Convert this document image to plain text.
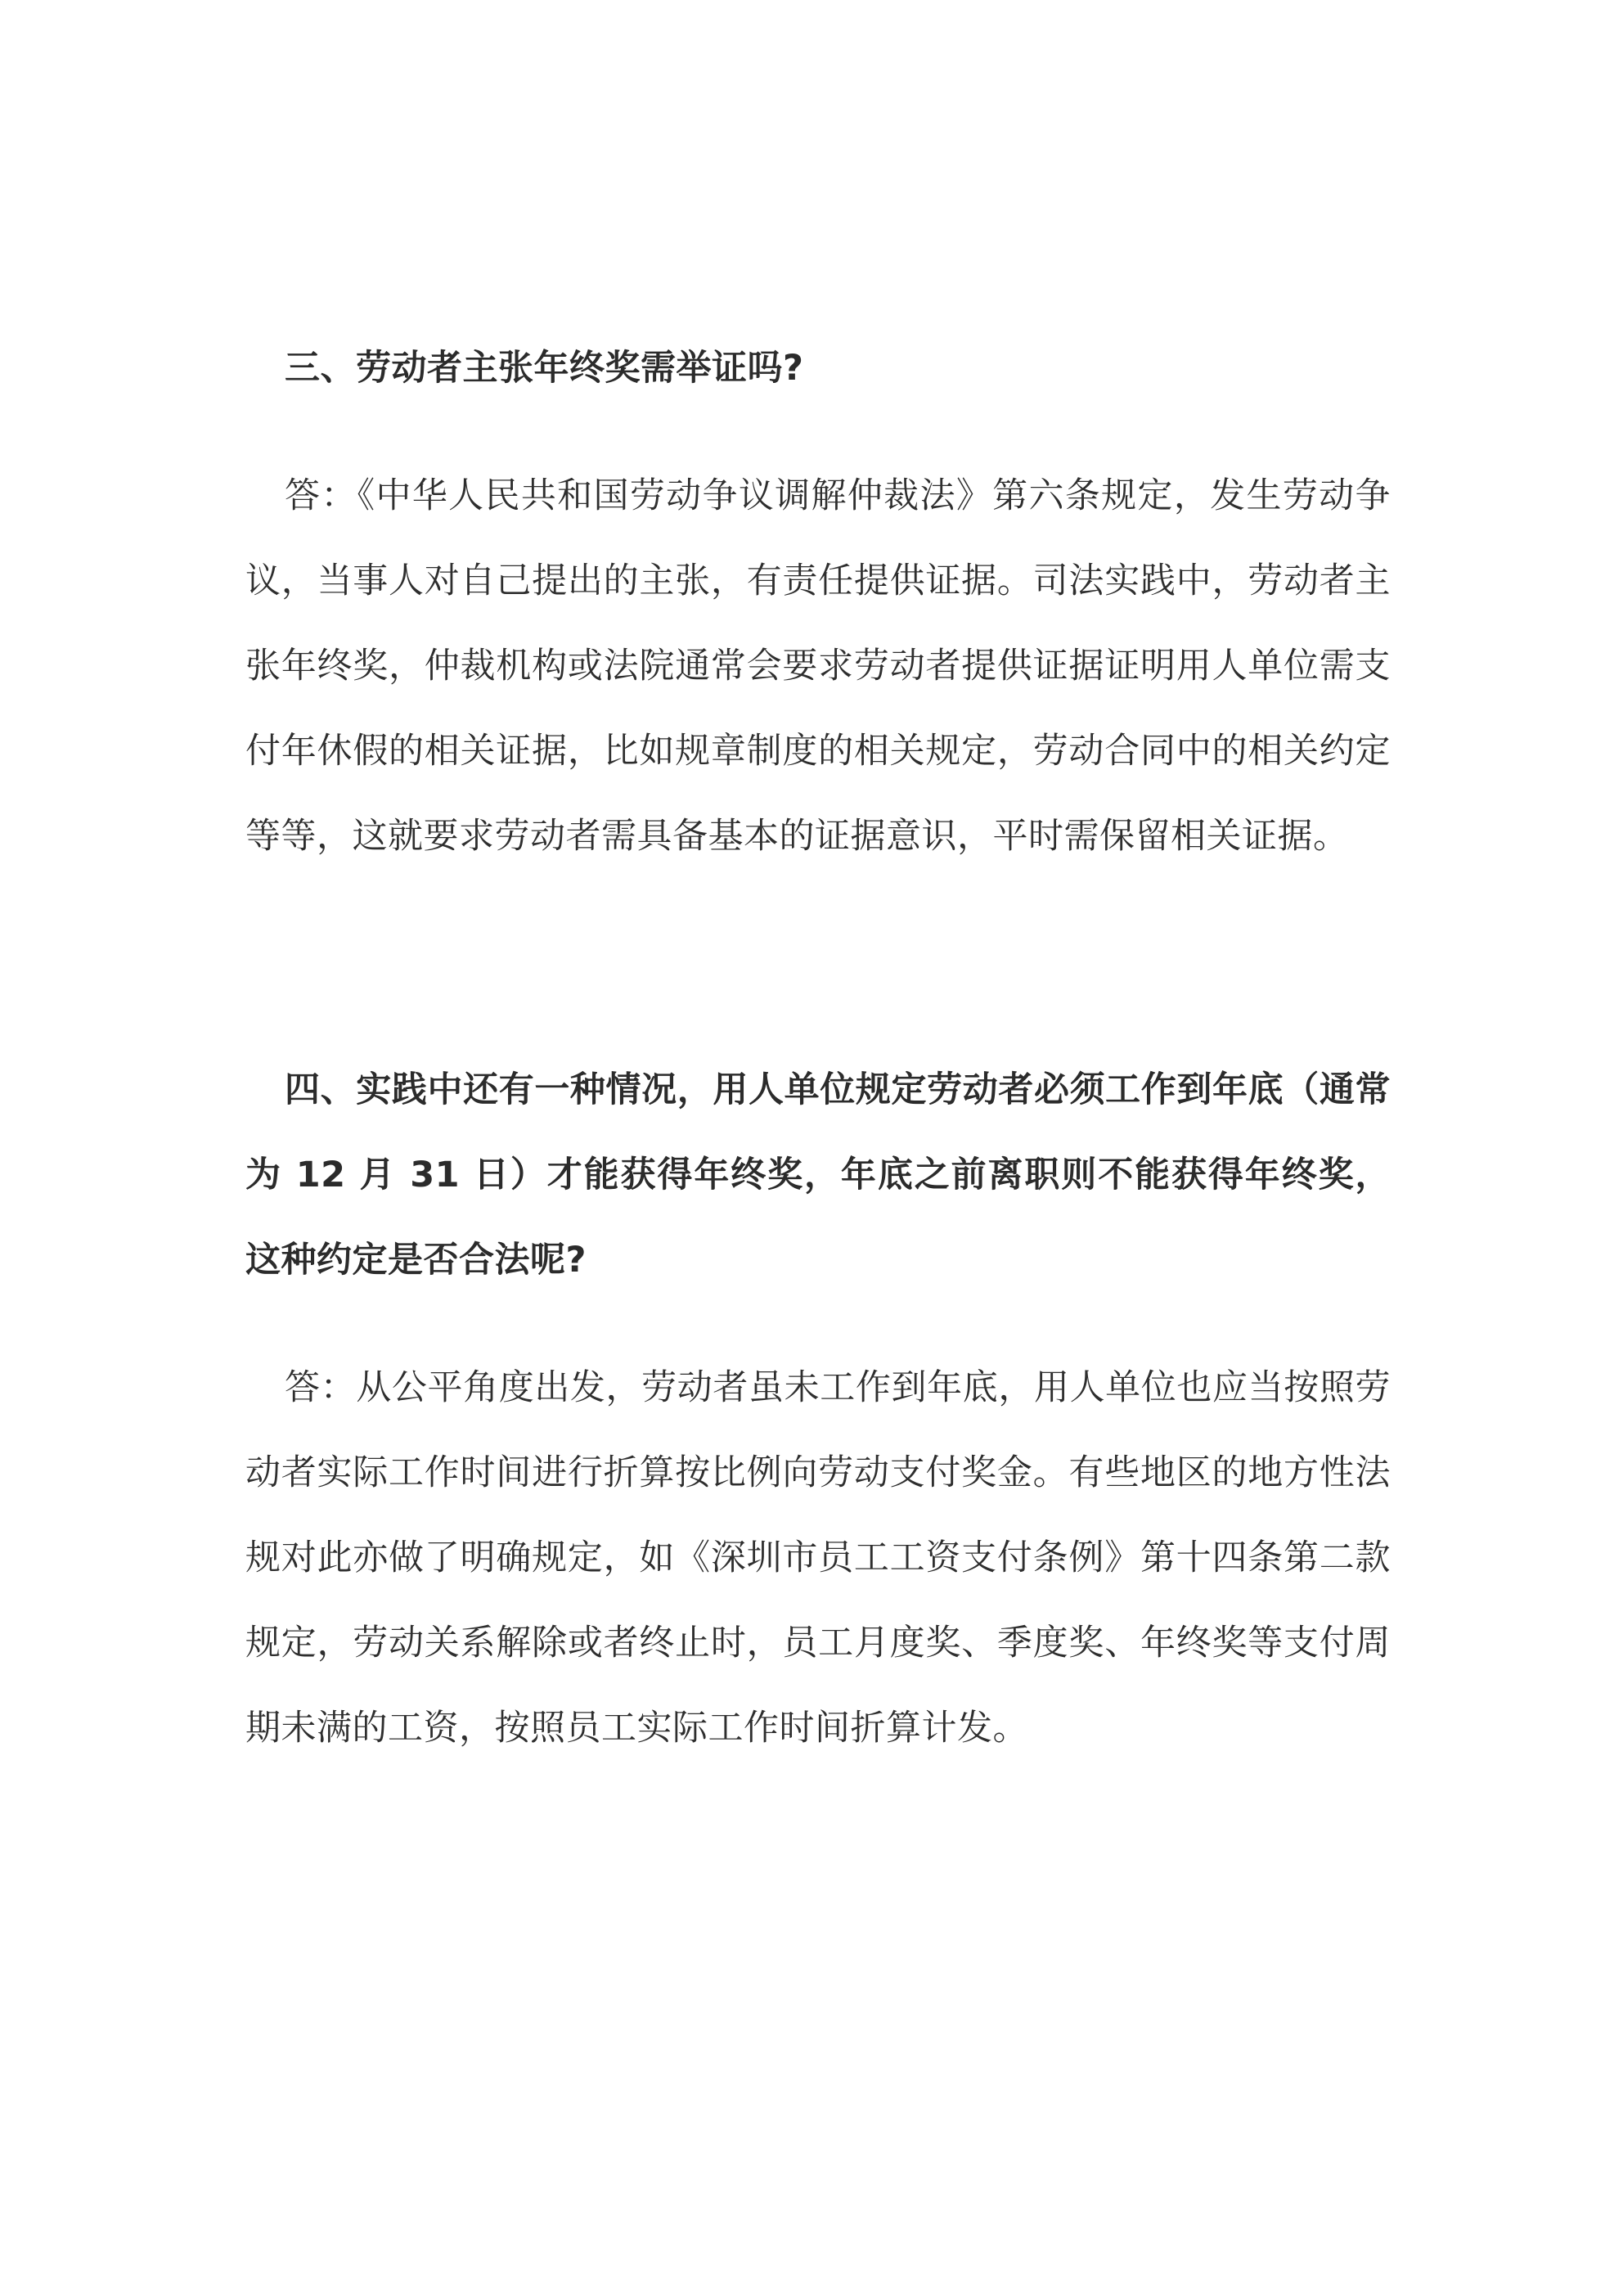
三、劳动者主张年终奖需举证吗?

答：《中华人民共和国劳动争议调解仲裁法》第六条规定，发生劳动争议，当事人对自己提出的主张，有责任提供证据。司法实践中，劳动者主张年终奖，仲裁机构或法院通常会要求劳动者提供证据证明用人单位需支付年休假的相关证据，比如规章制度的相关规定，劳动合同中的相关约定等等，这就要求劳动者需具备基本的证据意识，平时需保留相关证据。

四、实践中还有一种情况，用人单位规定劳动者必须工作到年底（通常为 12 月 31 日）才能获得年终奖，年底之前离职则不能获得年终奖，这种约定是否合法呢?

答：从公平角度出发，劳动者虽未工作到年底，用人单位也应当按照劳动者实际工作时间进行折算按比例向劳动支付奖金。有些地区的地方性法规对此亦做了明确规定，如《深圳市员工工资支付条例》第十四条第二款规定，劳动关系解除或者终止时，员工月度奖、季度奖、年终奖等支付周期未满的工资，按照员工实际工作时间折算计发。
